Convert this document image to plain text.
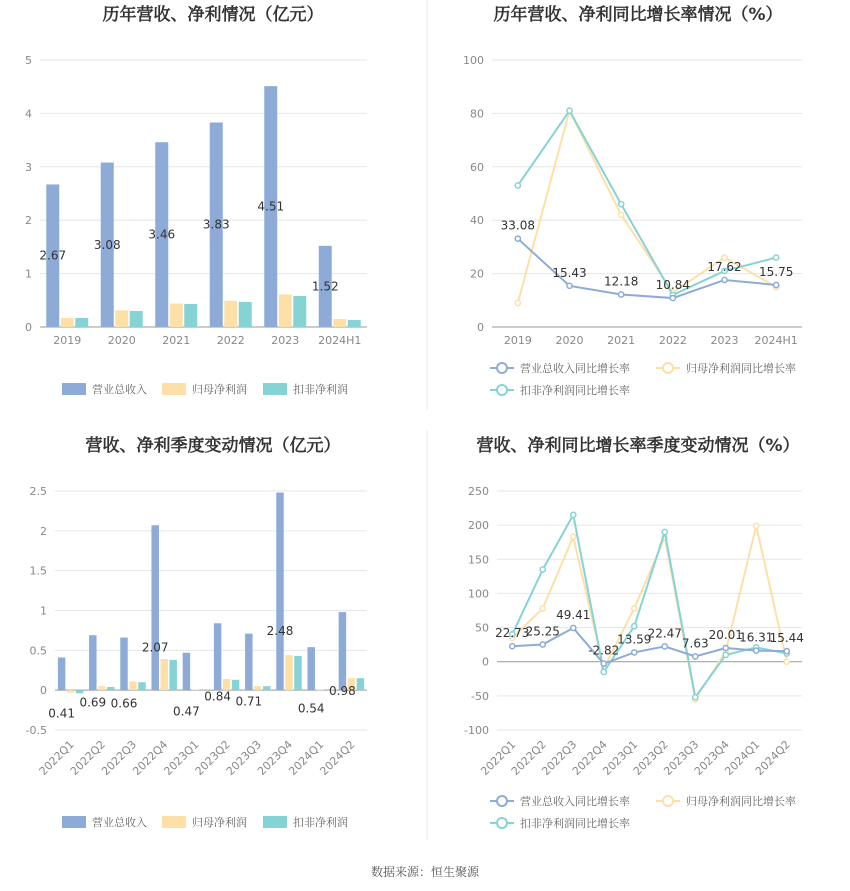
历年营收、净利情况（亿元）
0
1
2
3
4
5
2019 2020 2021 2022 2023 2024H1
2.67
3.08
3.46
3.83
4.51
1.52
营业总收入	归母净利润	扣非净利润
历年营收、净利同比增长率情况（%）
0
20
40
60
80
100
2019 2020 2021 2022 2023 2024H1
33.08
15.43
12.18 10.84
17.62 15.75
营业总收入同比增长率	归母净利润同比增长率
扣非净利润同比增长率
营收、净利季度变动情况（亿元）
-0.5
0
0.5
1
1.5
2
2.5
2022Q1
2022Q2
2022Q3
2022Q4
2023Q1
2023Q2
2023Q3
2023Q4
2024Q1
2024Q2
0.41
0.69 0.66
2.07
0.47
0.84 0.71
2.48
0.54
0.98
营业总收入	归母净利润	扣非净利润
营收、净利同比增长率季度变动情况（%）
-100
-50
0
50
100
150
200
250
2022Q1
2022Q2
2022Q3
2022Q4
2023Q1
2023Q2
2023Q3
2023Q4
2024Q1
2024Q2
22.73
25.25
49.41
-2.82
13.59
22.47
7.63
20.01
16.31
15.44
营业总收入同比增长率	归母净利润同比增长率
扣非净利润同比增长率
数据来源：恒生聚源
